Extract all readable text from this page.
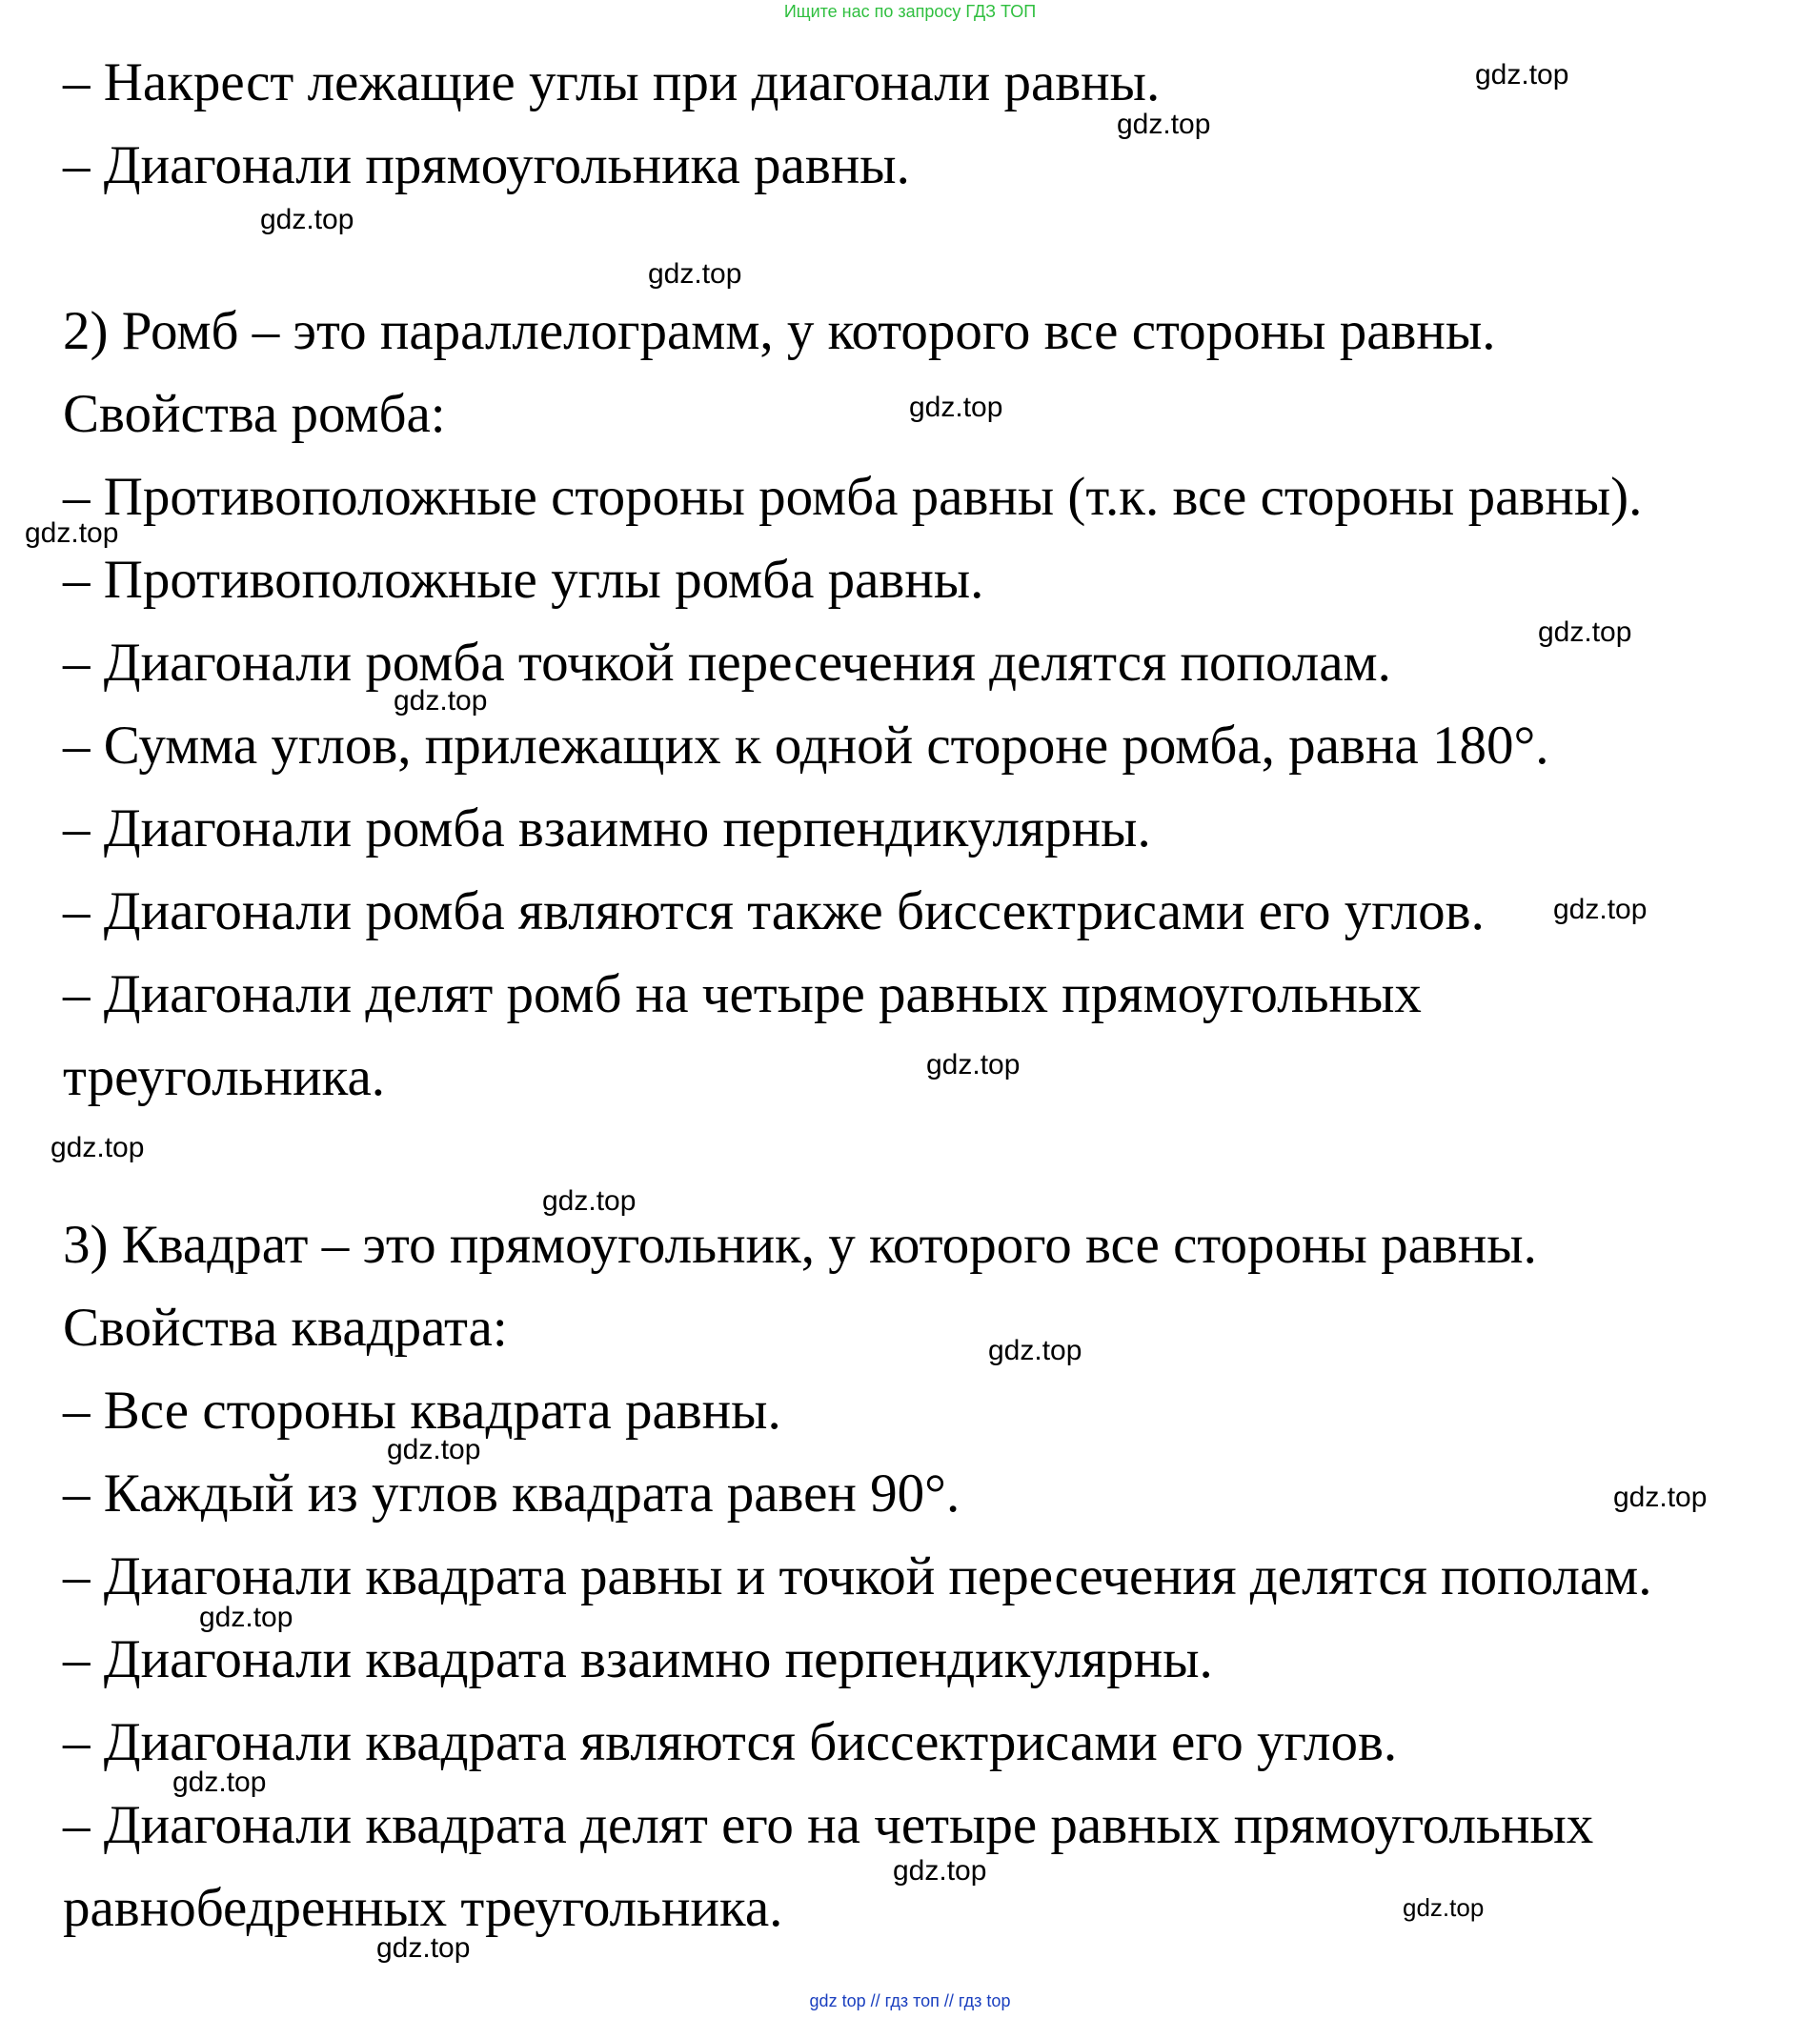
Ищите нас по запросу ГДЗ ТОП
– Накрест лежащие углы при диагонали равны.
– Диагонали прямоугольника равны.
2) Ромб – это параллелограмм, у которого все стороны равны.
Свойства ромба:
– Противоположные стороны ромба равны (т.к. все стороны равны).
– Противоположные углы ромба равны.
– Диагонали ромба точкой пересечения делятся пополам.
– Сумма углов, прилежащих к одной стороне ромба, равна 180°.
– Диагонали ромба взаимно перпендикулярны.
– Диагонали ромба являются также биссектрисами его углов.
– Диагонали делят ромб на четыре равных прямоугольных
треугольника.
3) Квадрат – это прямоугольник, у которого все стороны равны.
Свойства квадрата:
– Все стороны квадрата равны.
– Каждый из углов квадрата равен 90°.
– Диагонали квадрата равны и точкой пересечения делятся пополам.
– Диагонали квадрата взаимно перпендикулярны.
– Диагонали квадрата являются биссектрисами его углов.
– Диагонали квадрата делят его на четыре равных прямоугольных
равнобедренных треугольника.
gdz.top
gdz.top
gdz.top
gdz.top
gdz.top
gdz.top
gdz.top
gdz.top
gdz.top
gdz.top
gdz.top
gdz.top
gdz.top
gdz.top
gdz.top
gdz.top
gdz.top
gdz.top
gdz.top
gdz.top
gdz top // гдз топ // гдз top
